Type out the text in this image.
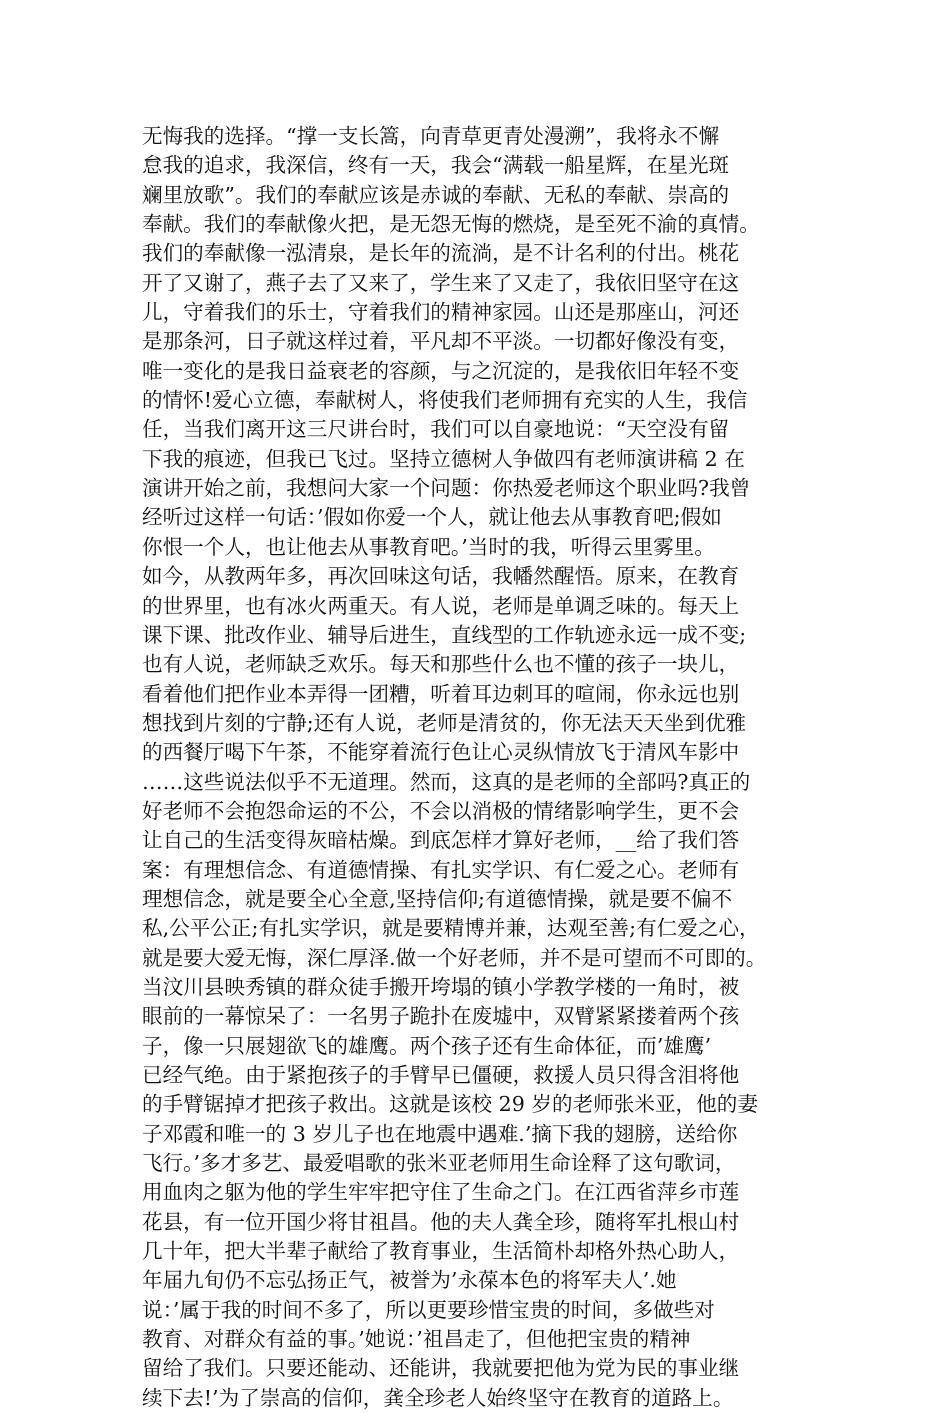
无悔我的选择。“撑一支长篙，向青草更青处漫溯”，我将永不懈
怠我的追求，我深信，终有一天，我会“满载一船星辉，在星光斑
斓里放歌”。我们的奉献应该是赤诚的奉献、无私的奉献、崇高的
奉献。我们的奉献像火把，是无怨无悔的燃烧，是至死不渝的真情。
我们的奉献像一泓清泉，是长年的流淌，是不计名利的付出。桃花
开了又谢了，燕子去了又来了，学生来了又走了，我依旧坚守在这
儿，守着我们的乐士，守着我们的精神家园。山还是那座山，河还
是那条河，日子就这样过着，平凡却不平淡。一切都好像没有变，
唯一变化的是我日益衰老的容颜，与之沉淀的，是我依旧年轻不变
的情怀!爱心立德，奉献树人，将使我们老师拥有充实的人生，我信
任，当我们离开这三尺讲台时，我们可以自豪地说：“天空没有留
下我的痕迹，但我已飞过。坚持立德树人争做四有老师演讲稿 2 在
演讲开始之前，我想问大家一个问题：你热爱老师这个职业吗?我曾
经听过这样一句话：’假如你爱一个人，就让他去从事教育吧;假如
你恨一个人，也让他去从事教育吧。’当时的我，听得云里雾里。
如今，从教两年多，再次回味这句话，我幡然醒悟。原来，在教育
的世界里，也有冰火两重天。有人说，老师是单调乏味的。每天上
课下课、批改作业、辅导后进生，直线型的工作轨迹永远一成不变;
也有人说，老师缺乏欢乐。每天和那些什么也不懂的孩子一块儿，
看着他们把作业本弄得一团糟，听着耳边刺耳的喧闹，你永远也别
想找到片刻的宁静;还有人说，老师是清贫的，你无法天天坐到优雅
的西餐厅喝下午茶，不能穿着流行色让心灵纵情放飞于清风车影中
……这些说法似乎不无道理。然而，这真的是老师的全部吗?真正的
好老师不会抱怨命运的不公，不会以消极的情绪影响学生，更不会
让自己的生活变得灰暗枯燥。到底怎样才算好老师，__给了我们答
案：有理想信念、有道德情操、有扎实学识、有仁爱之心。老师有
理想信念，就是要全心全意,坚持信仰;有道德情操，就是要不偏不
私,公平公正;有扎实学识，就是要精博并兼，达观至善;有仁爱之心，
就是要大爱无悔，深仁厚泽.做一个好老师，并不是可望而不可即的。
当汶川县映秀镇的群众徒手搬开垮塌的镇小学教学楼的一角时，被
眼前的一幕惊呆了：一名男子跪扑在废墟中，双臂紧紧搂着两个孩
子，像一只展翅欲飞的雄鹰。两个孩子还有生命体征，而’雄鹰’
已经气绝。由于紧抱孩子的手臂早已僵硬，救援人员只得含泪将他
的手臂锯掉才把孩子救出。这就是该校 29 岁的老师张米亚，他的妻
子邓霞和唯一的 3 岁儿子也在地震中遇难.’摘下我的翅膀，送给你
飞行。’多才多艺、最爱唱歌的张米亚老师用生命诠释了这句歌词，
用血肉之躯为他的学生牢牢把守住了生命之门。在江西省萍乡市莲
花县，有一位开国少将甘祖昌。他的夫人龚全珍，随将军扎根山村
几十年，把大半辈子献给了教育事业，生活简朴却格外热心助人，
年届九旬仍不忘弘扬正气，被誉为’永葆本色的将军夫人’.她
说：’属于我的时间不多了，所以更要珍惜宝贵的时间，多做些对
教育、对群众有益的事。’她说：’祖昌走了，但他把宝贵的精神
留给了我们。只要还能动、还能讲，我就要把他为党为民的事业继
续下去!’为了崇高的信仰，龚全珍老人始终坚守在教育的道路上。
